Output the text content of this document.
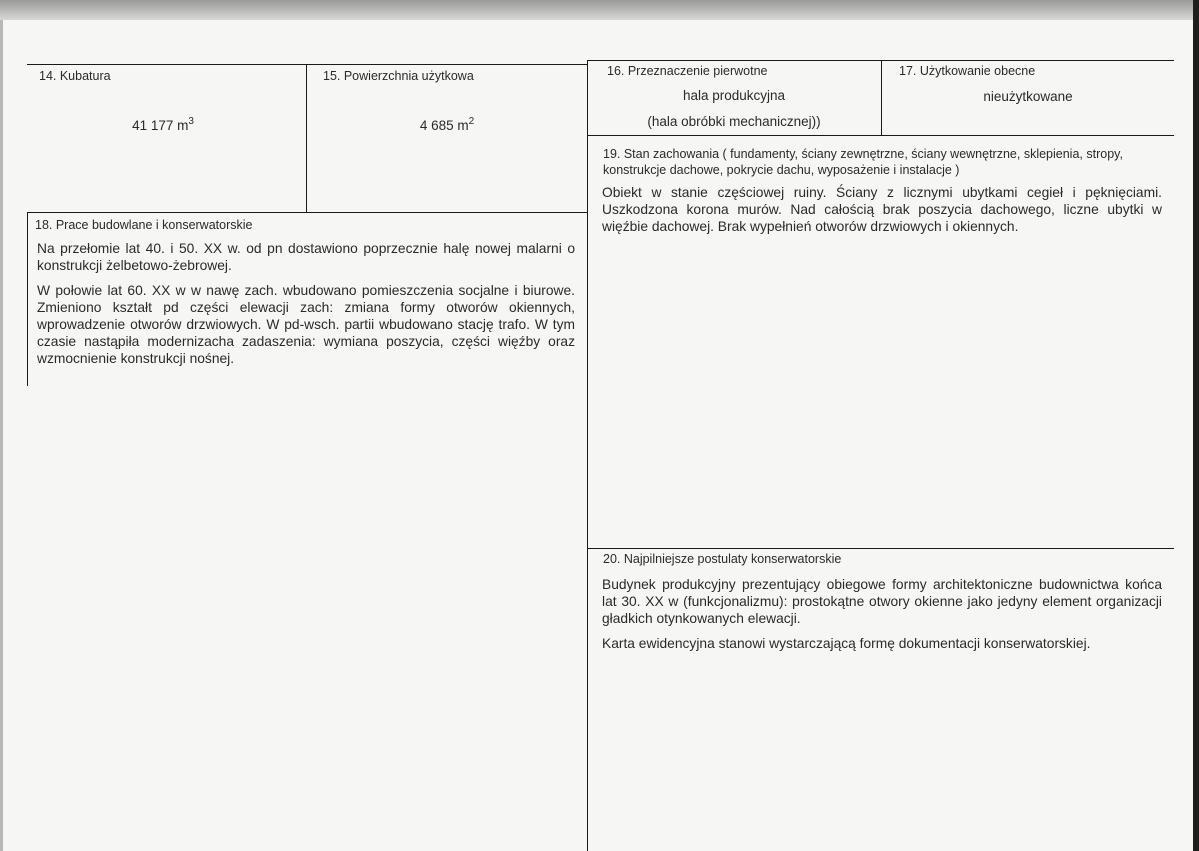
14. Kubatura
41 177 $m^3$
15. Powierzchnia użytkowa
4 685 $m^2$
16. Przeznaczenie pierwotne
hala produkcyjna
(hala obróbki mechanicznej))
17. Użytkowanie obecne
nieużytkowane
18. Prace budowlane i konserwatorskie

Na przełomie lat 40. i 50. XX w. od pn dostawiono poprzecznie halę nowej malarni o konstrukcji żelbetowo-żebrowej.

W połowie lat 60. XX w w nawę zach. wbudowano pomieszczenia socjalne i biurowe. Zmieniono kształt pd części elewacji zach: zmiana formy otworów okiennych, wprowadzenie otworów drzwiowych. W pd-wsch. partii wbudowano stację trafo. W tym czasie nastąpiła modernizacha zadaszenia: wymiana poszycia, części więźby oraz wzmocnienie konstrukcji nośnej.

19. Stan zachowania ( fundamenty, ściany zewnętrzne, ściany wewnętrzne, sklepienia, stropy, konstrukcje dachowe, pokrycie dachu, wyposażenie i instalacje )

Obiekt w stanie częściowej ruiny. Ściany z licznymi ubytkami cegieł i pęknięciami. Uszkodzona korona murów. Nad całością brak poszycia dachowego, liczne ubytki w więźbie dachowej. Brak wypełnień otworów drzwiowych i okiennych.

20. Najpilniejsze postulaty konserwatorskie

Budynek produkcyjny prezentujący obiegowe formy architektoniczne budownictwa końca lat 30. XX w (funkcjonalizmu): prostokątne otwory okienne jako jedyny element organizacji gładkich otynkowanych elewacji.

Karta ewidencyjna stanowi wystarczającą formę dokumentacji konserwatorskiej.
